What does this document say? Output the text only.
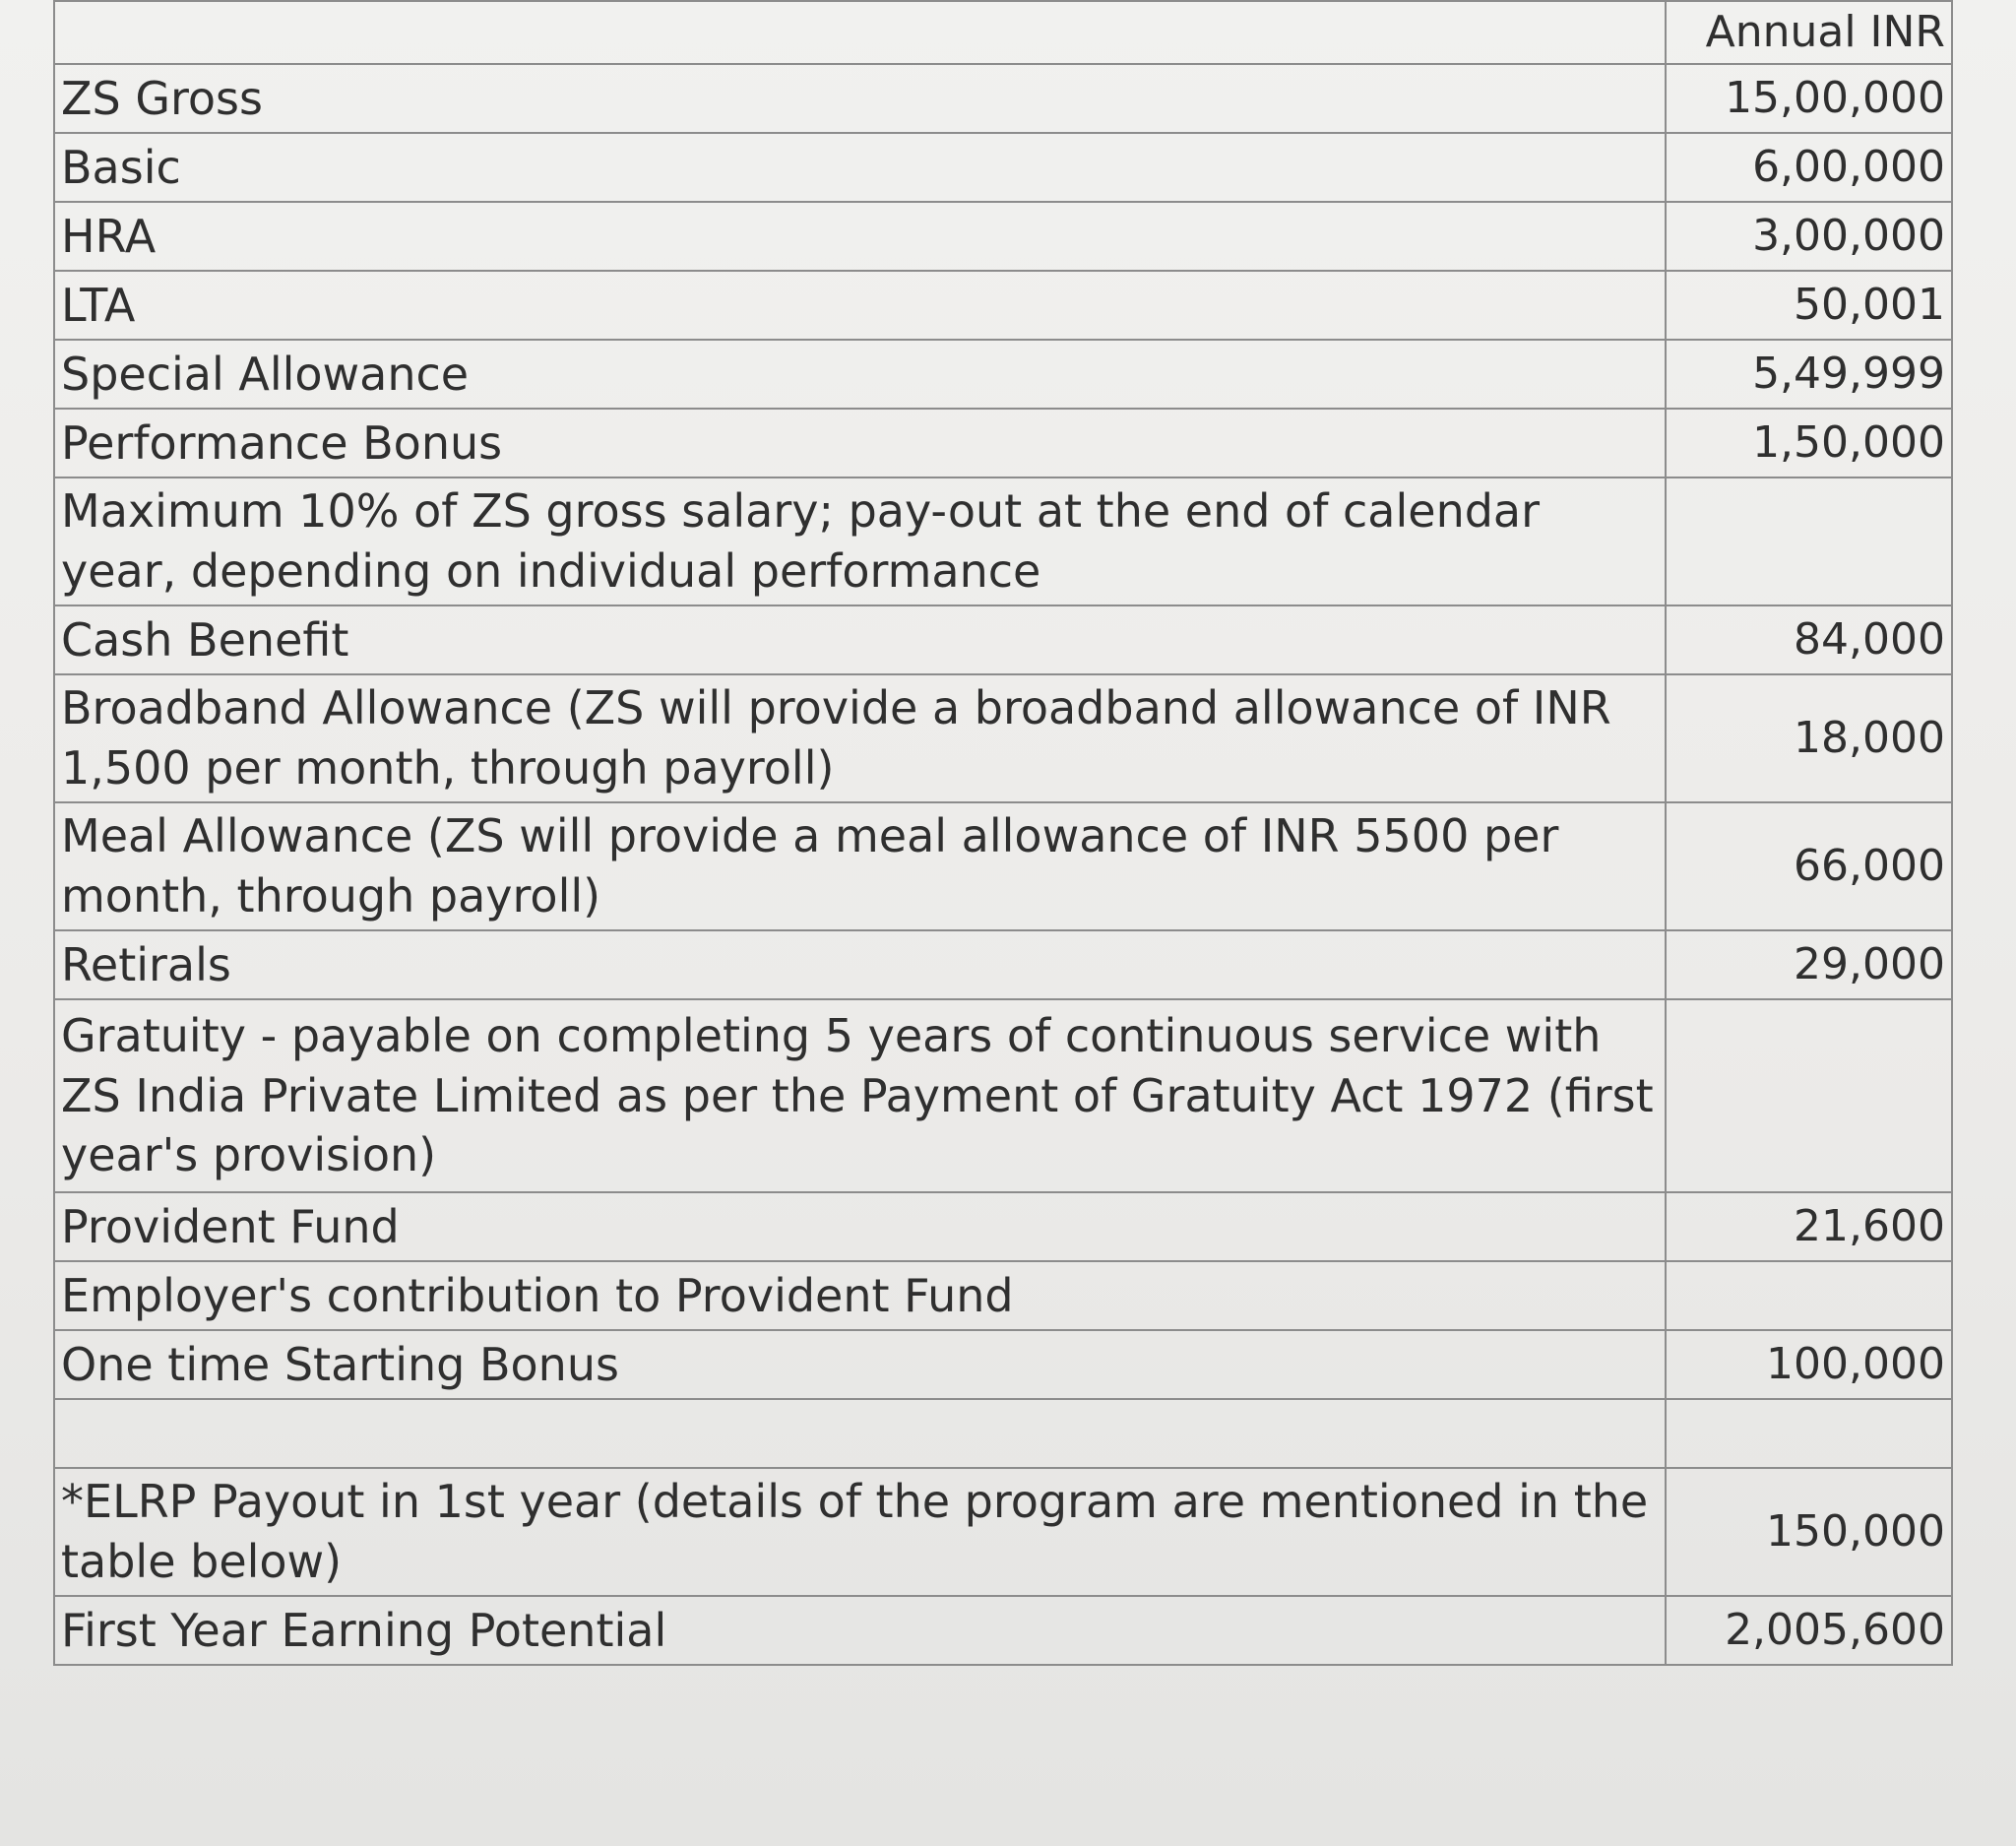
	Annual INR
ZS Gross	15,00,000
Basic	6,00,000
HRA	3,00,000
LTA	50,001
Special Allowance	5,49,999
Performance Bonus	1,50,000
Maximum 10% of ZS gross salary; pay-out at the end of calendar year, depending on individual performance	
Cash Benefit	84,000
Broadband Allowance (ZS will provide a broadband allowance of INR 1,500 per month, through payroll)	18,000
Meal Allowance (ZS will provide a meal allowance of INR 5500 per month, through payroll)	66,000
Retirals	29,000
Gratuity - payable on completing 5 years of continuous service with ZS India Private Limited as per the Payment of Gratuity Act 1972 (first year's provision)	
Provident Fund	21,600
Employer's contribution to Provident Fund	
One time Starting Bonus	100,000

*ELRP Payout in 1st year (details of the program are mentioned in the table below)	150,000
First Year Earning Potential	2,005,600
